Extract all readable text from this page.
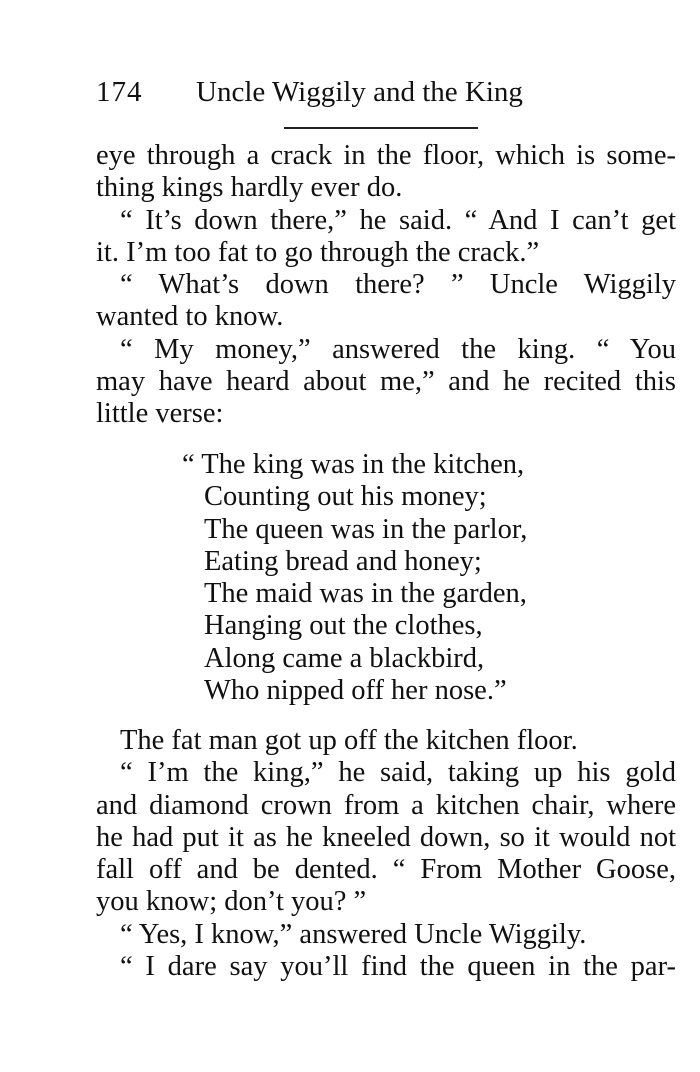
174 Uncle Wiggily and the King
eye through a crack in the floor, which is some-
thing kings hardly ever do.
“ It’s down there,” he said. “ And I can’t get
it. I’m too fat to go through the crack.”
“ What’s down there? ” Uncle Wiggily
wanted to know.
“ My money,” answered the king. “ You
may have heard about me,” and he recited this
little verse:
“ The king was in the kitchen,
Counting out his money;
The queen was in the parlor,
Eating bread and honey;
The maid was in the garden,
Hanging out the clothes,
Along came a blackbird,
Who nipped off her nose.”
The fat man got up off the kitchen floor.
“ I’m the king,” he said, taking up his gold
and diamond crown from a kitchen chair, where
he had put it as he kneeled down, so it would not
fall off and be dented. “ From Mother Goose,
you know; don’t you? ”
“ Yes, I know,” answered Uncle Wiggily.
“ I dare say you’ll find the queen in the par-
